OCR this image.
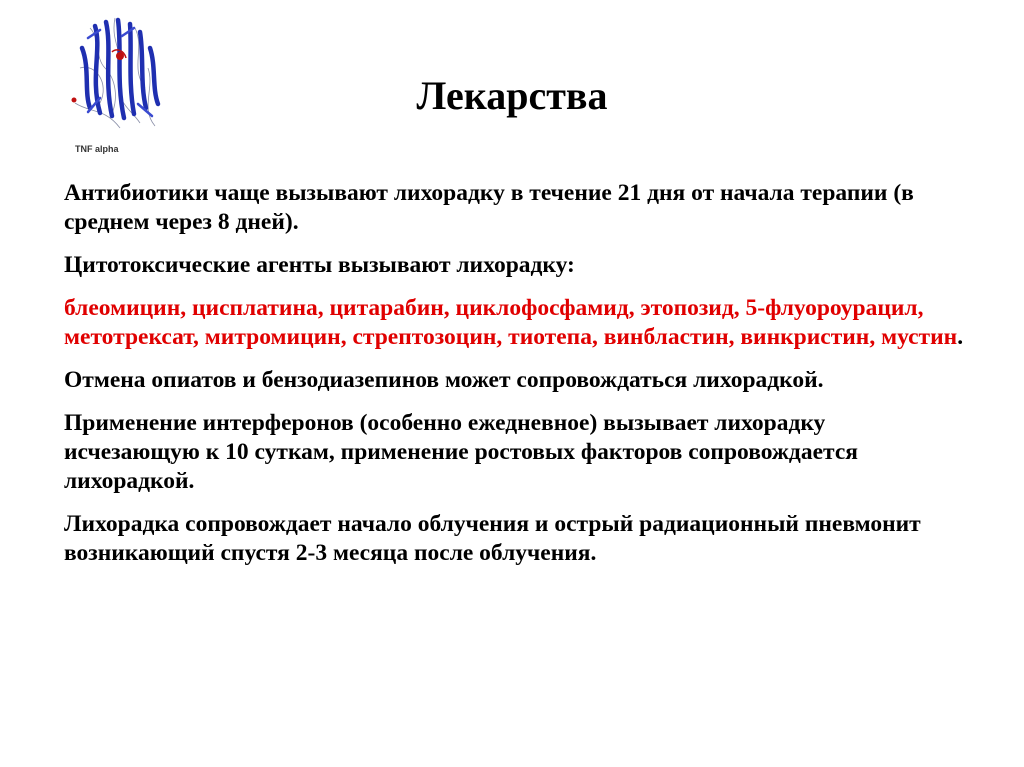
TNF alpha
Лекарства

Антибиотики чаще вызывают лихорадку в течение 21 дня от начала терапии (в среднем через 8 дней).

Цитотоксические агенты вызывают лихорадку:

блеомицин, цисплатина, цитарабин, циклофосфамид, этопозид, 5-флуороурацил, метотрексат, митромицин, стрептозоцин, тиотепа, винбластин, винкристин, мустин.

Отмена опиатов и бензодиазепинов может сопровождаться лихорадкой.

Применение интерферонов (особенно ежедневное) вызывает лихорадку исчезающую к 10 суткам, применение ростовых факторов сопровождается лихорадкой.

Лихорадка сопровождает начало облучения и острый радиационный пневмонит возникающий спустя 2-3 месяца после облучения.
